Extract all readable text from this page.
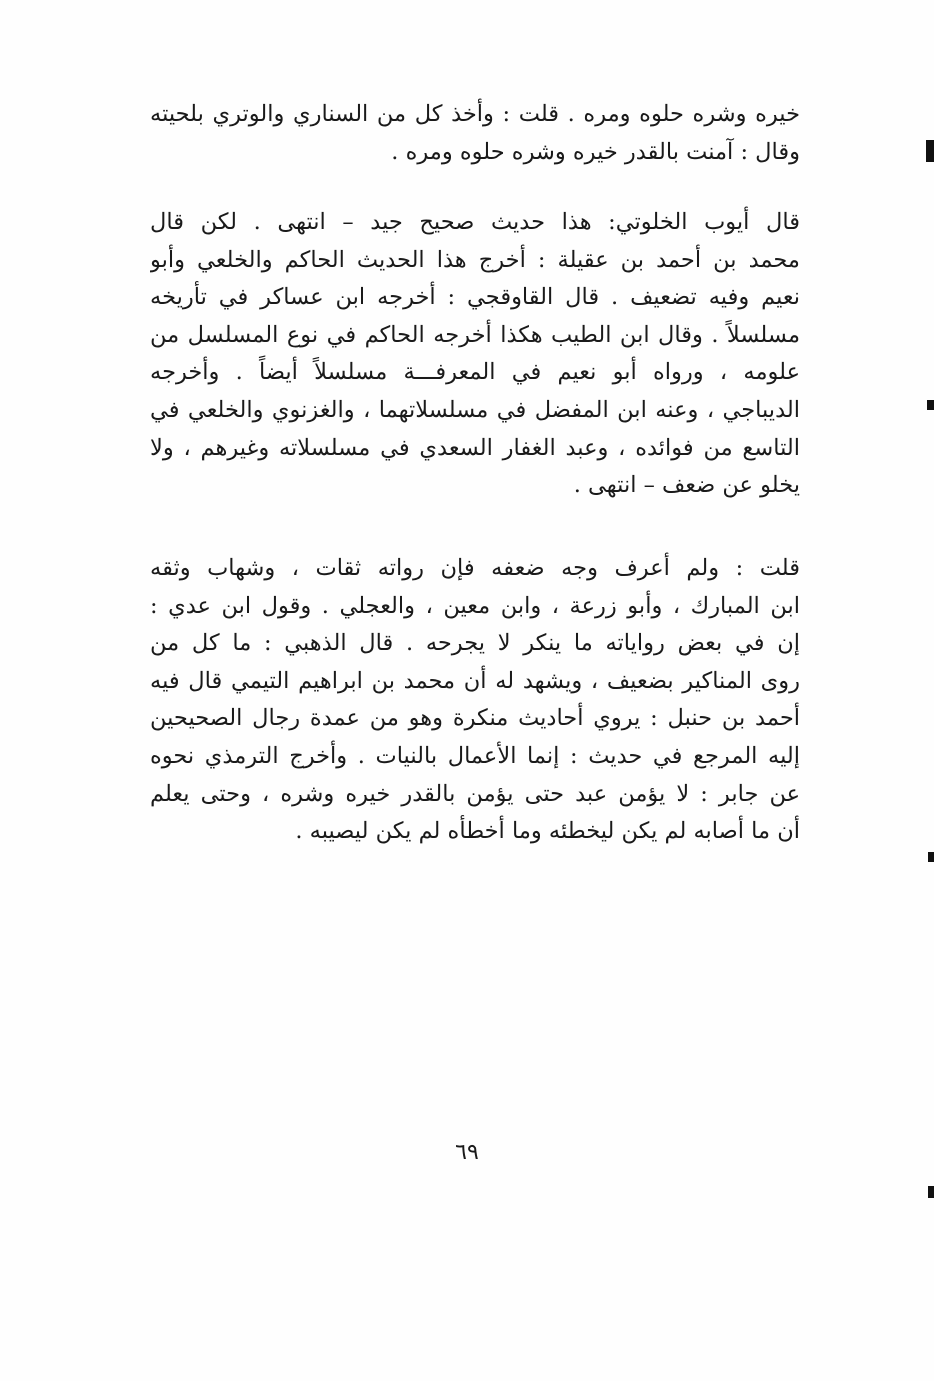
خيره وشره حلوه ومره . قلت : وأخذ كل من السناري والوتري بلحيته
وقال : آمنت بالقدر خيره وشره حلوه ومره .
قال أيوب الخلوتي: هذا حديث صحيح جيد – انتهى . لكن قال
محمد بن أحمد بن عقيلة : أخرج هذا الحديث الحاكم والخلعي وأبو
نعيم وفيه تضعيف . قال القاوقجي : أخرجه ابن عساكر في تأريخه
مسلسلاً . وقال ابن الطيب هكذا أخرجه الحاكم في نوع المسلسل من
علومه ، ورواه أبو نعيم في المعرفـــة مسلسلاً أيضاً . وأخرجه
الديباجي ، وعنه ابن المفضل في مسلسلاتهما ، والغزنوي والخلعي في
التاسع من فوائده ، وعبد الغفار السعدي في مسلسلاته وغيرهم ، ولا
يخلو عن ضعف – انتهى .
قلت : ولم أعرف وجه ضعفه فإن رواته ثقات ، وشهاب وثقه
ابن المبارك ، وأبو زرعة ، وابن معين ، والعجلي . وقول ابن عدي :
إن في بعض رواياته ما ينكر لا يجرحه . قال الذهبي : ما كل من
روى المناكير بضعيف ، ويشهد له أن محمد بن ابراهيم التيمي قال فيه
أحمد بن حنبل : يروي أحاديث منكرة وهو من عمدة رجال الصحيحين
إليه المرجع في حديث : إنما الأعمال بالنيات . وأخرج الترمذي نحوه
عن جابر : لا يؤمن عبد حتى يؤمن بالقدر خيره وشره ، وحتى يعلم
أن ما أصابه لم يكن ليخطئه وما أخطأه لم يكن ليصيبه .
٦٩
